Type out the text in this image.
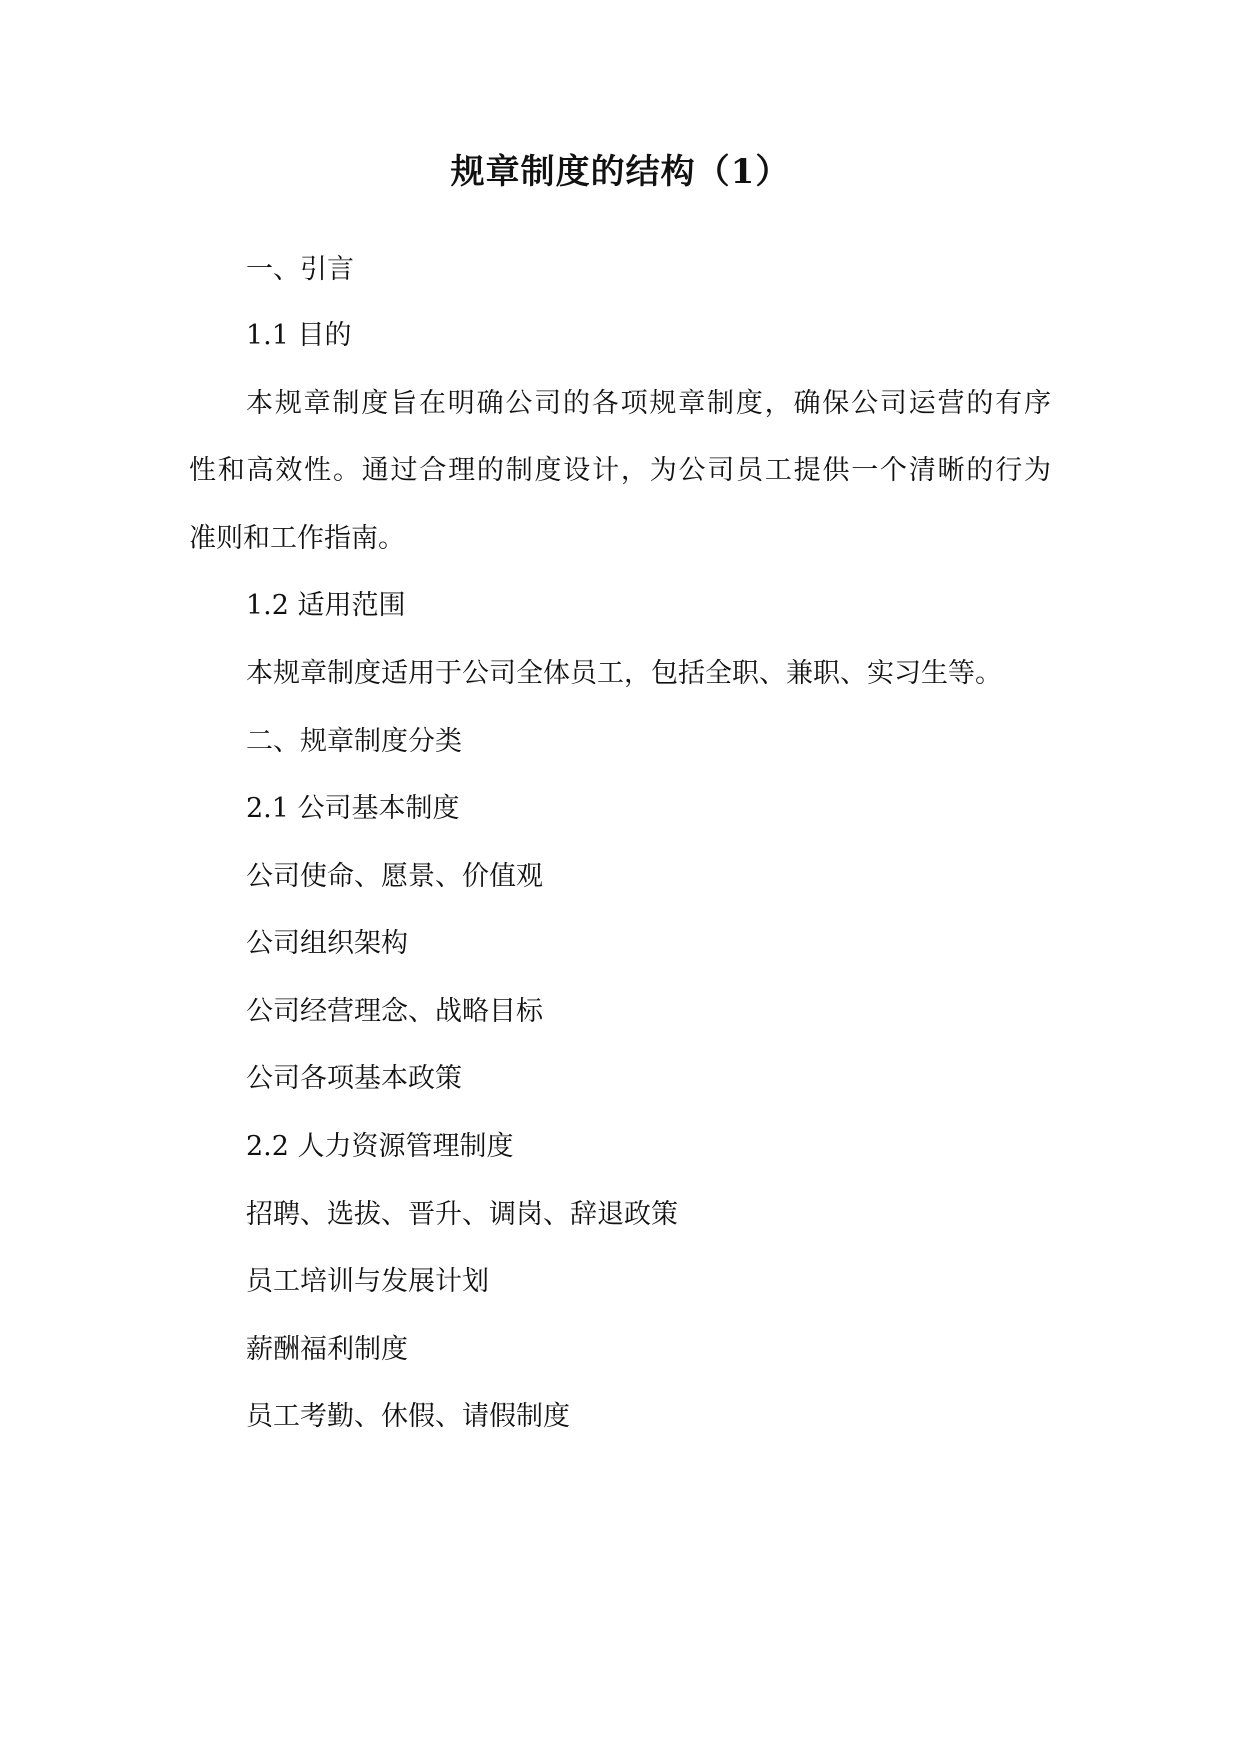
规章制度的结构（1）
一、引言
1.1 目的
本规章制度旨在明确公司的各项规章制度，确保公司运营的有序
性和高效性。通过合理的制度设计，为公司员工提供一个清晰的行为
准则和工作指南。
1.2 适用范围
本规章制度适用于公司全体员工，包括全职、兼职、实习生等。
二、规章制度分类
2.1 公司基本制度
公司使命、愿景、价值观
公司组织架构
公司经营理念、战略目标
公司各项基本政策
2.2 人力资源管理制度
招聘、选拔、晋升、调岗、辞退政策
员工培训与发展计划
薪酬福利制度
员工考勤、休假、请假制度
